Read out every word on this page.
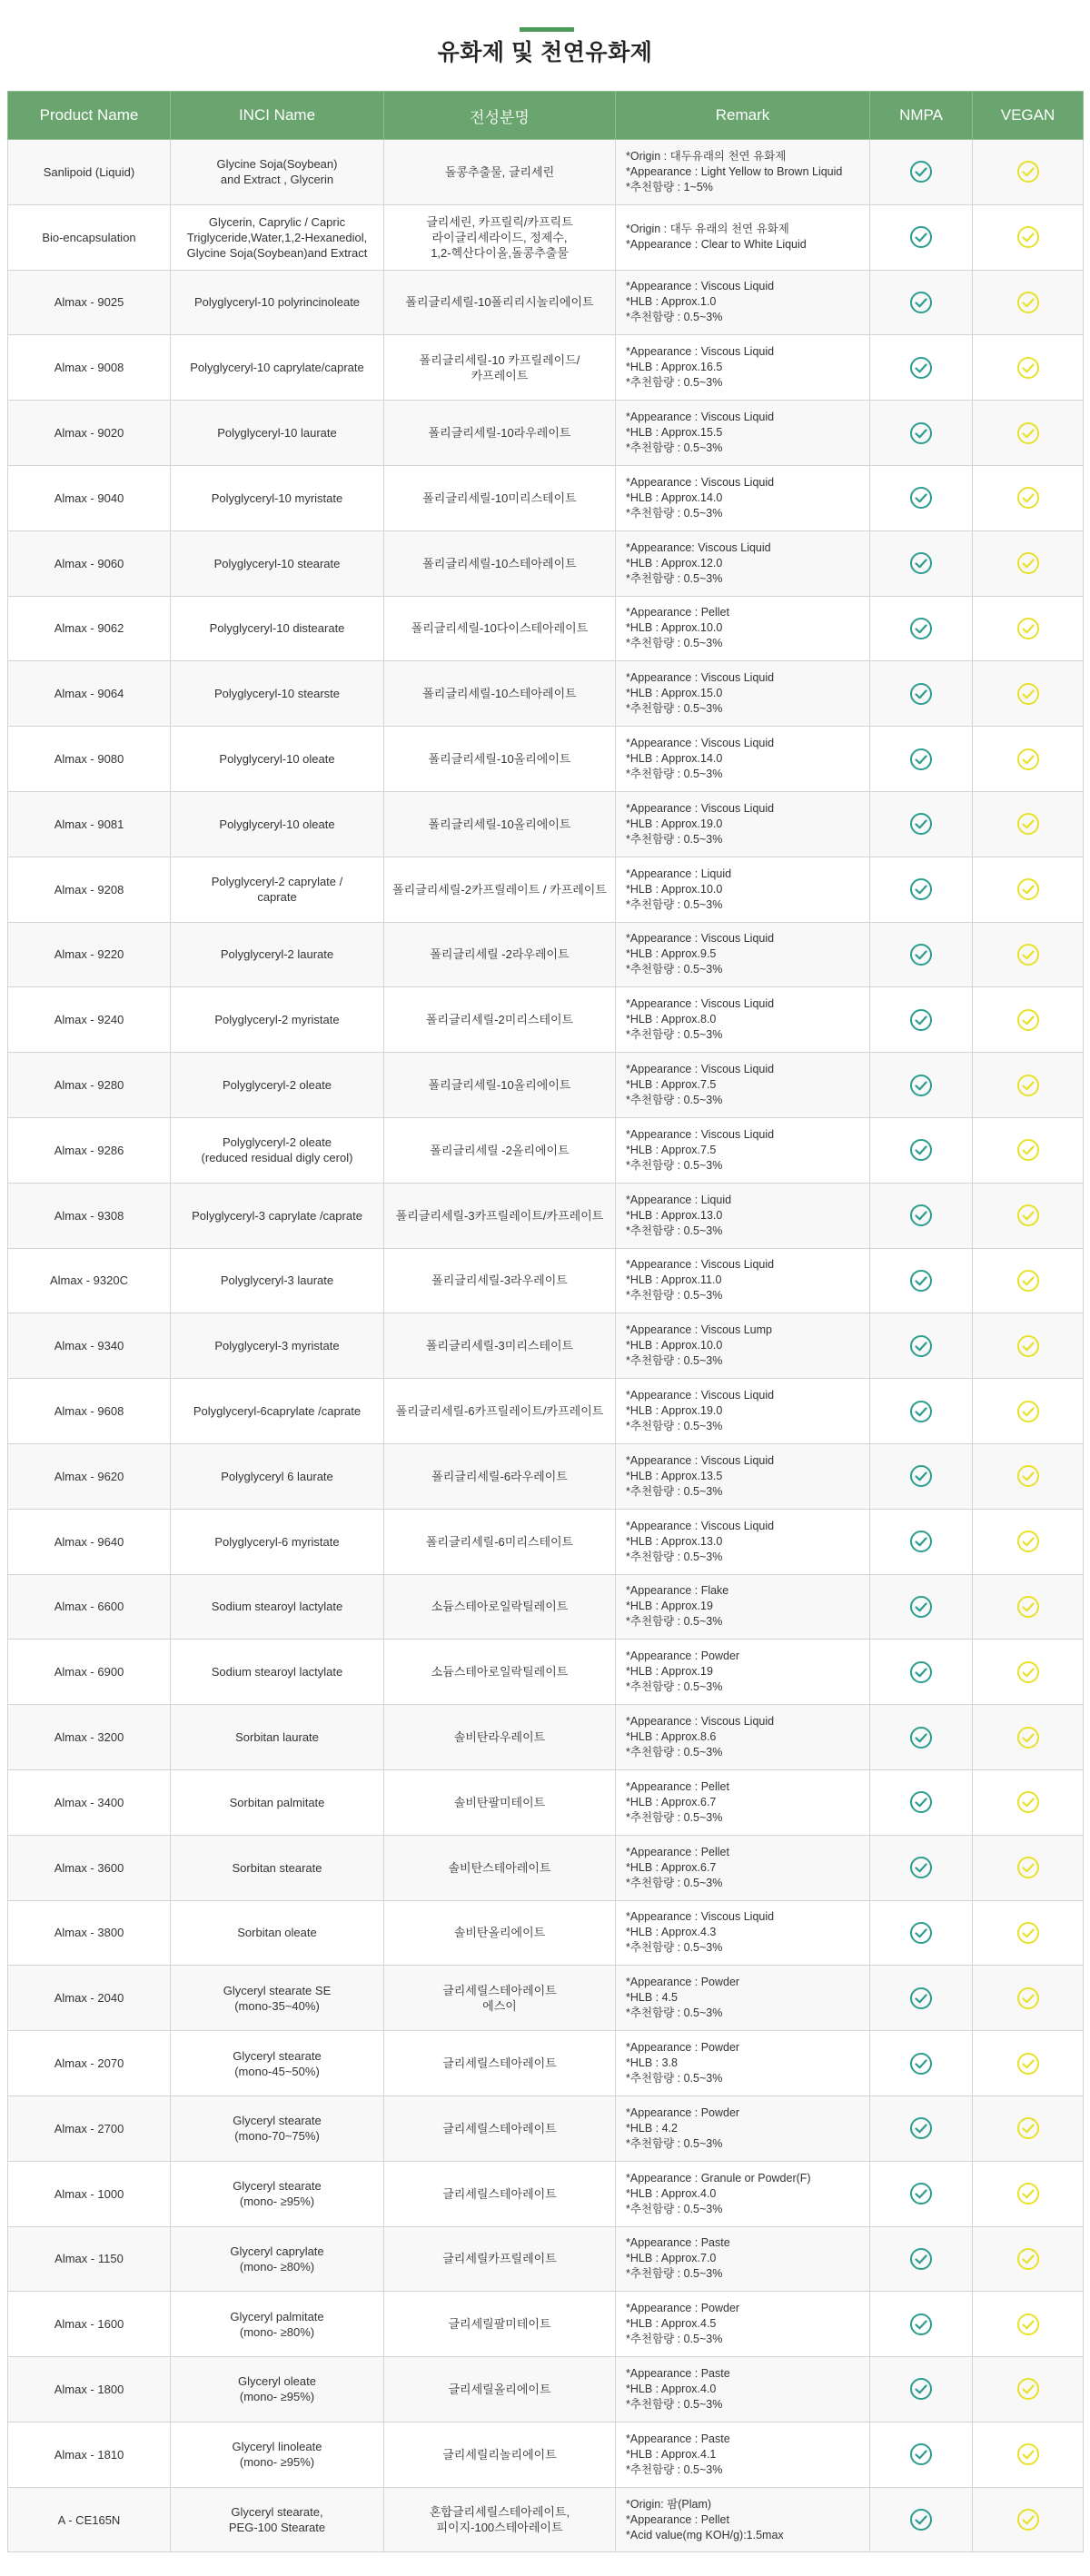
유화제 및 천연유화제
Product Name	INCI Name	전성분명	Remark	NMPA	VEGAN
Sanlipoid (Liquid)	Glycine Soja(Soybean)
and Extract , Glycerin	돌콩추출물, 글리세린	*Origin : 대두유래의 천연 유화제
*Appearance : Light Yellow to Brown Liquid
*추천함량 : 1~5%	

Bio-encapsulation	Glycerin, Caprylic / Capric
Triglyceride,Water,1,2-Hexanediol,
Glycine Soja(Soybean)and Extract	글리세린, 카프릴릭/카프릭트
라이글리세라이드, 정제수,
1,2-헥산다이올,돌콩추출물	*Origin : 대두 유래의 천연 유화제
*Appearance : Clear to White Liquid	

Almax - 9025	Polyglyceryl-10 polyrincinoleate	폴리글리세릴-10폴리리시놀리에이트	*Appearance : Viscous Liquid
*HLB : Approx.1.0
*추천함량 : 0.5~3%	

Almax - 9008	Polyglyceryl-10 caprylate/caprate	폴리글리세릴-10 카프릴레이드/
카프레이트	*Appearance : Viscous Liquid
*HLB : Approx.16.5
*추천함량 : 0.5~3%	

Almax - 9020	Polyglyceryl-10 laurate	폴리글리세릴-10라우레이트	*Appearance : Viscous Liquid
*HLB : Approx.15.5
*추천함량 : 0.5~3%	

Almax - 9040	Polyglyceryl-10 myristate	폴리글리세릴-10미리스테이트	*Appearance : Viscous Liquid
*HLB : Approx.14.0
*추천함량 : 0.5~3%	

Almax - 9060	Polyglyceryl-10 stearate	폴리글리세릴-10스테아레이트	*Appearance: Viscous Liquid
*HLB : Approx.12.0
*추천함량 : 0.5~3%	

Almax - 9062	Polyglyceryl-10 distearate	폴리글리세릴-10다이스테아레이트	*Appearance : Pellet
*HLB : Approx.10.0
*추천함량 : 0.5~3%	

Almax - 9064	Polyglyceryl-10 stearste	폴리글리세릴-10스테아레이트	*Appearance : Viscous Liquid
*HLB : Approx.15.0
*추천함량 : 0.5~3%	

Almax - 9080	Polyglyceryl-10 oleate	폴리글리세릴-10올리에이트	*Appearance : Viscous Liquid
*HLB : Approx.14.0
*추천함량 : 0.5~3%	

Almax - 9081	Polyglyceryl-10 oleate	폴리글리세릴-10올리에이트	*Appearance : Viscous Liquid
*HLB : Approx.19.0
*추천함량 : 0.5~3%	

Almax - 9208	Polyglyceryl-2 caprylate /
caprate	폴리글리세릴-2카프릴레이트 / 카프레이트	*Appearance : Liquid
*HLB : Approx.10.0
*추천함량 : 0.5~3%	

Almax - 9220	Polyglyceryl-2 laurate	폴리글리세릴 -2라우레이트	*Appearance : Viscous Liquid
*HLB : Approx.9.5
*추천함량 : 0.5~3%	

Almax - 9240	Polyglyceryl-2 myristate	폴리글리세릴-2미리스테이트	*Appearance : Viscous Liquid
*HLB : Approx.8.0
*추천함량 : 0.5~3%	

Almax - 9280	Polyglyceryl-2 oleate	폴리글리세릴-10올리에이트	*Appearance : Viscous Liquid
*HLB : Approx.7.5
*추천함량 : 0.5~3%	

Almax - 9286	Polyglyceryl-2 oleate
(reduced residual digly cerol)	폴리글리세릴 -2올리에이트	*Appearance : Viscous Liquid
*HLB : Approx.7.5
*추천함량 : 0.5~3%	

Almax - 9308	Polyglyceryl-3 caprylate /caprate	폴리글리세릴-3카프릴레이트/카프레이트	*Appearance : Liquid
*HLB : Approx.13.0
*추천함량 : 0.5~3%	

Almax - 9320C	Polyglyceryl-3 laurate	폴리글리세릴-3라우레이트	*Appearance : Viscous Liquid
*HLB : Approx.11.0
*추천함량 : 0.5~3%	

Almax - 9340	Polyglyceryl-3 myristate	폴리글리세릴-3미리스테이트	*Appearance : Viscous Lump
*HLB : Approx.10.0
*추천함량 : 0.5~3%	

Almax - 9608	Polyglyceryl-6caprylate /caprate	폴리글리세릴-6카프릴레이트/카프레이트	*Appearance : Viscous Liquid
*HLB : Approx.19.0
*추천함량 : 0.5~3%	

Almax - 9620	Polyglyceryl 6 laurate	폴리글리세릴-6라우레이트	*Appearance : Viscous Liquid
*HLB : Approx.13.5
*추천함량 : 0.5~3%	

Almax - 9640	Polyglyceryl-6 myristate	폴리글리세릴-6미리스테이트	*Appearance : Viscous Liquid
*HLB : Approx.13.0
*추천함량 : 0.5~3%	

Almax - 6600	Sodium stearoyl lactylate	소듐스테아로일락틸레이트	*Appearance : Flake
*HLB : Approx.19
*추천함량 : 0.5~3%	

Almax - 6900	Sodium stearoyl lactylate	소듐스테아로일락틸레이트	*Appearance : Powder
*HLB : Approx.19
*추천함량 : 0.5~3%	

Almax - 3200	Sorbitan laurate	솔비탄라우레이트	*Appearance : Viscous Liquid
*HLB : Approx.8.6
*추천함량 : 0.5~3%	

Almax - 3400	Sorbitan palmitate	솔비탄팔미테이트	*Appearance : Pellet
*HLB : Approx.6.7
*추천함량 : 0.5~3%	

Almax - 3600	Sorbitan stearate	솔비탄스테아레이트	*Appearance : Pellet
*HLB : Approx.6.7
*추천함량 : 0.5~3%	

Almax - 3800	Sorbitan oleate	솔비탄올리에이트	*Appearance : Viscous Liquid
*HLB : Approx.4.3
*추천함량 : 0.5~3%	

Almax - 2040	Glyceryl stearate SE
(mono-35~40%)	글리세릴스테아레이트
에스이	*Appearance : Powder
*HLB : 4.5
*추천함량 : 0.5~3%	

Almax - 2070	Glyceryl stearate
(mono-45~50%)	글리세릴스테아레이트	*Appearance : Powder
*HLB : 3.8
*추천함량 : 0.5~3%	

Almax - 2700	Glyceryl stearate
(mono-70~75%)	글리세릴스테아레이트	*Appearance : Powder
*HLB : 4.2
*추천함량 : 0.5~3%	

Almax - 1000	Glyceryl stearate
(mono- ≥95%)	글리세릴스테아레이트	*Appearance : Granule or Powder(F)
*HLB : Approx.4.0
*추천함량 : 0.5~3%	

Almax - 1150	Glyceryl caprylate
(mono- ≥80%)	글리세릴카프릴레이트	*Appearance : Paste
*HLB : Approx.7.0
*추천함량 : 0.5~3%	

Almax - 1600	Glyceryl palmitate
(mono- ≥80%)	글리세릴팔미테이트	*Appearance : Powder
*HLB : Approx.4.5
*추천함량 : 0.5~3%	

Almax - 1800	Glyceryl oleate
(mono- ≥95%)	글리세릴올리에이트	*Appearance : Paste
*HLB : Approx.4.0
*추천함량 : 0.5~3%	

Almax - 1810	Glyceryl linoleate
(mono- ≥95%)	글리세릴리놀리에이트	*Appearance : Paste
*HLB : Approx.4.1
*추천함량 : 0.5~3%	

A - CE165N	Glyceryl stearate,
PEG-100 Stearate	혼합글리세릴스테아레이트,
피이지-100스테아레이트	*Origin: 팜(Plam)
*Appearance : Pellet
*Acid value(mg KOH/g):1.5max	
